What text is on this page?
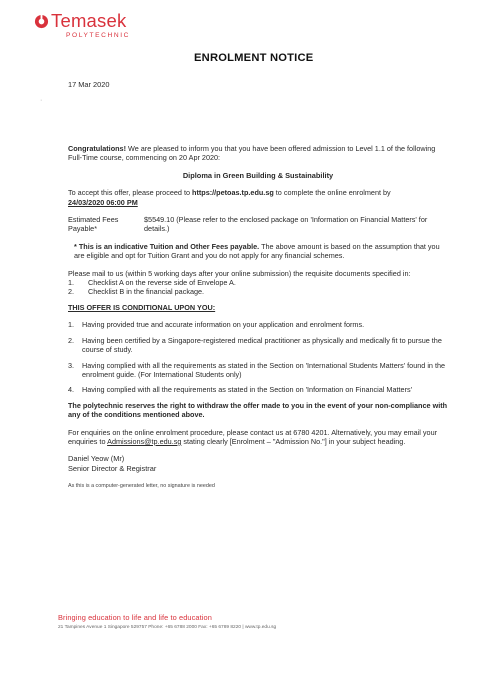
Temasek
POLYTECHNIC
ENROLMENT NOTICE
17 Mar 2020
·

Congratulations! We are pleased to inform you that you have been offered admission to Level 1.1 of the following Full-Time course, commencing on 20 Apr 2020:

Diploma in Green Building & Sustainability

To accept this offer, please proceed to https://petoas.tp.edu.sg to complete the online enrolment by
24/03/2020 06:00 PM

Estimated Fees Payable*
$5549.10 (Please refer to the enclosed package on 'Information on Financial Matters' for details.)

* This is an indicative Tuition and Other Fees payable. The above amount is based on the assumption that you are eligible and opt for Tuition Grant and you do not apply for any financial schemes.

Please mail to us (within 5 working days after your online submission) the requisite documents specified in:
1.	Checklist A on the reverse side of Envelope A.
2.	Checklist B in the financial package.

THIS OFFER IS CONDITIONAL UPON YOU:

1.	Having provided true and accurate information on your application and enrolment forms.
2.	Having been certified by a Singapore-registered medical practitioner as physically and medically fit to pursue the course of study.
3.	Having complied with all the requirements as stated in the Section on 'International Students Matters' found in the enrolment guide. (For International Students only)
4.	Having complied with all the requirements as stated in the Section on 'Information on Financial Matters'

The polytechnic reserves the right to withdraw the offer made to you in the event of your non-compliance with any of the conditions mentioned above.

For enquiries on the online enrolment procedure, please contact us at 6780 4201. Alternatively, you may email your enquiries to Admissions@tp.edu.sg stating clearly [Enrolment – "Admission No."] in your subject heading.

Daniel Yeow (Mr)
Senior Director & Registrar
As this is a computer-generated letter, no signature is needed
Bringing education to life and life to education
21 Tampines Avenue 1 Singapore 529757 Phone: +65 6788 2000 Fax: +65 6789 8220 | www.tp.edu.sg
